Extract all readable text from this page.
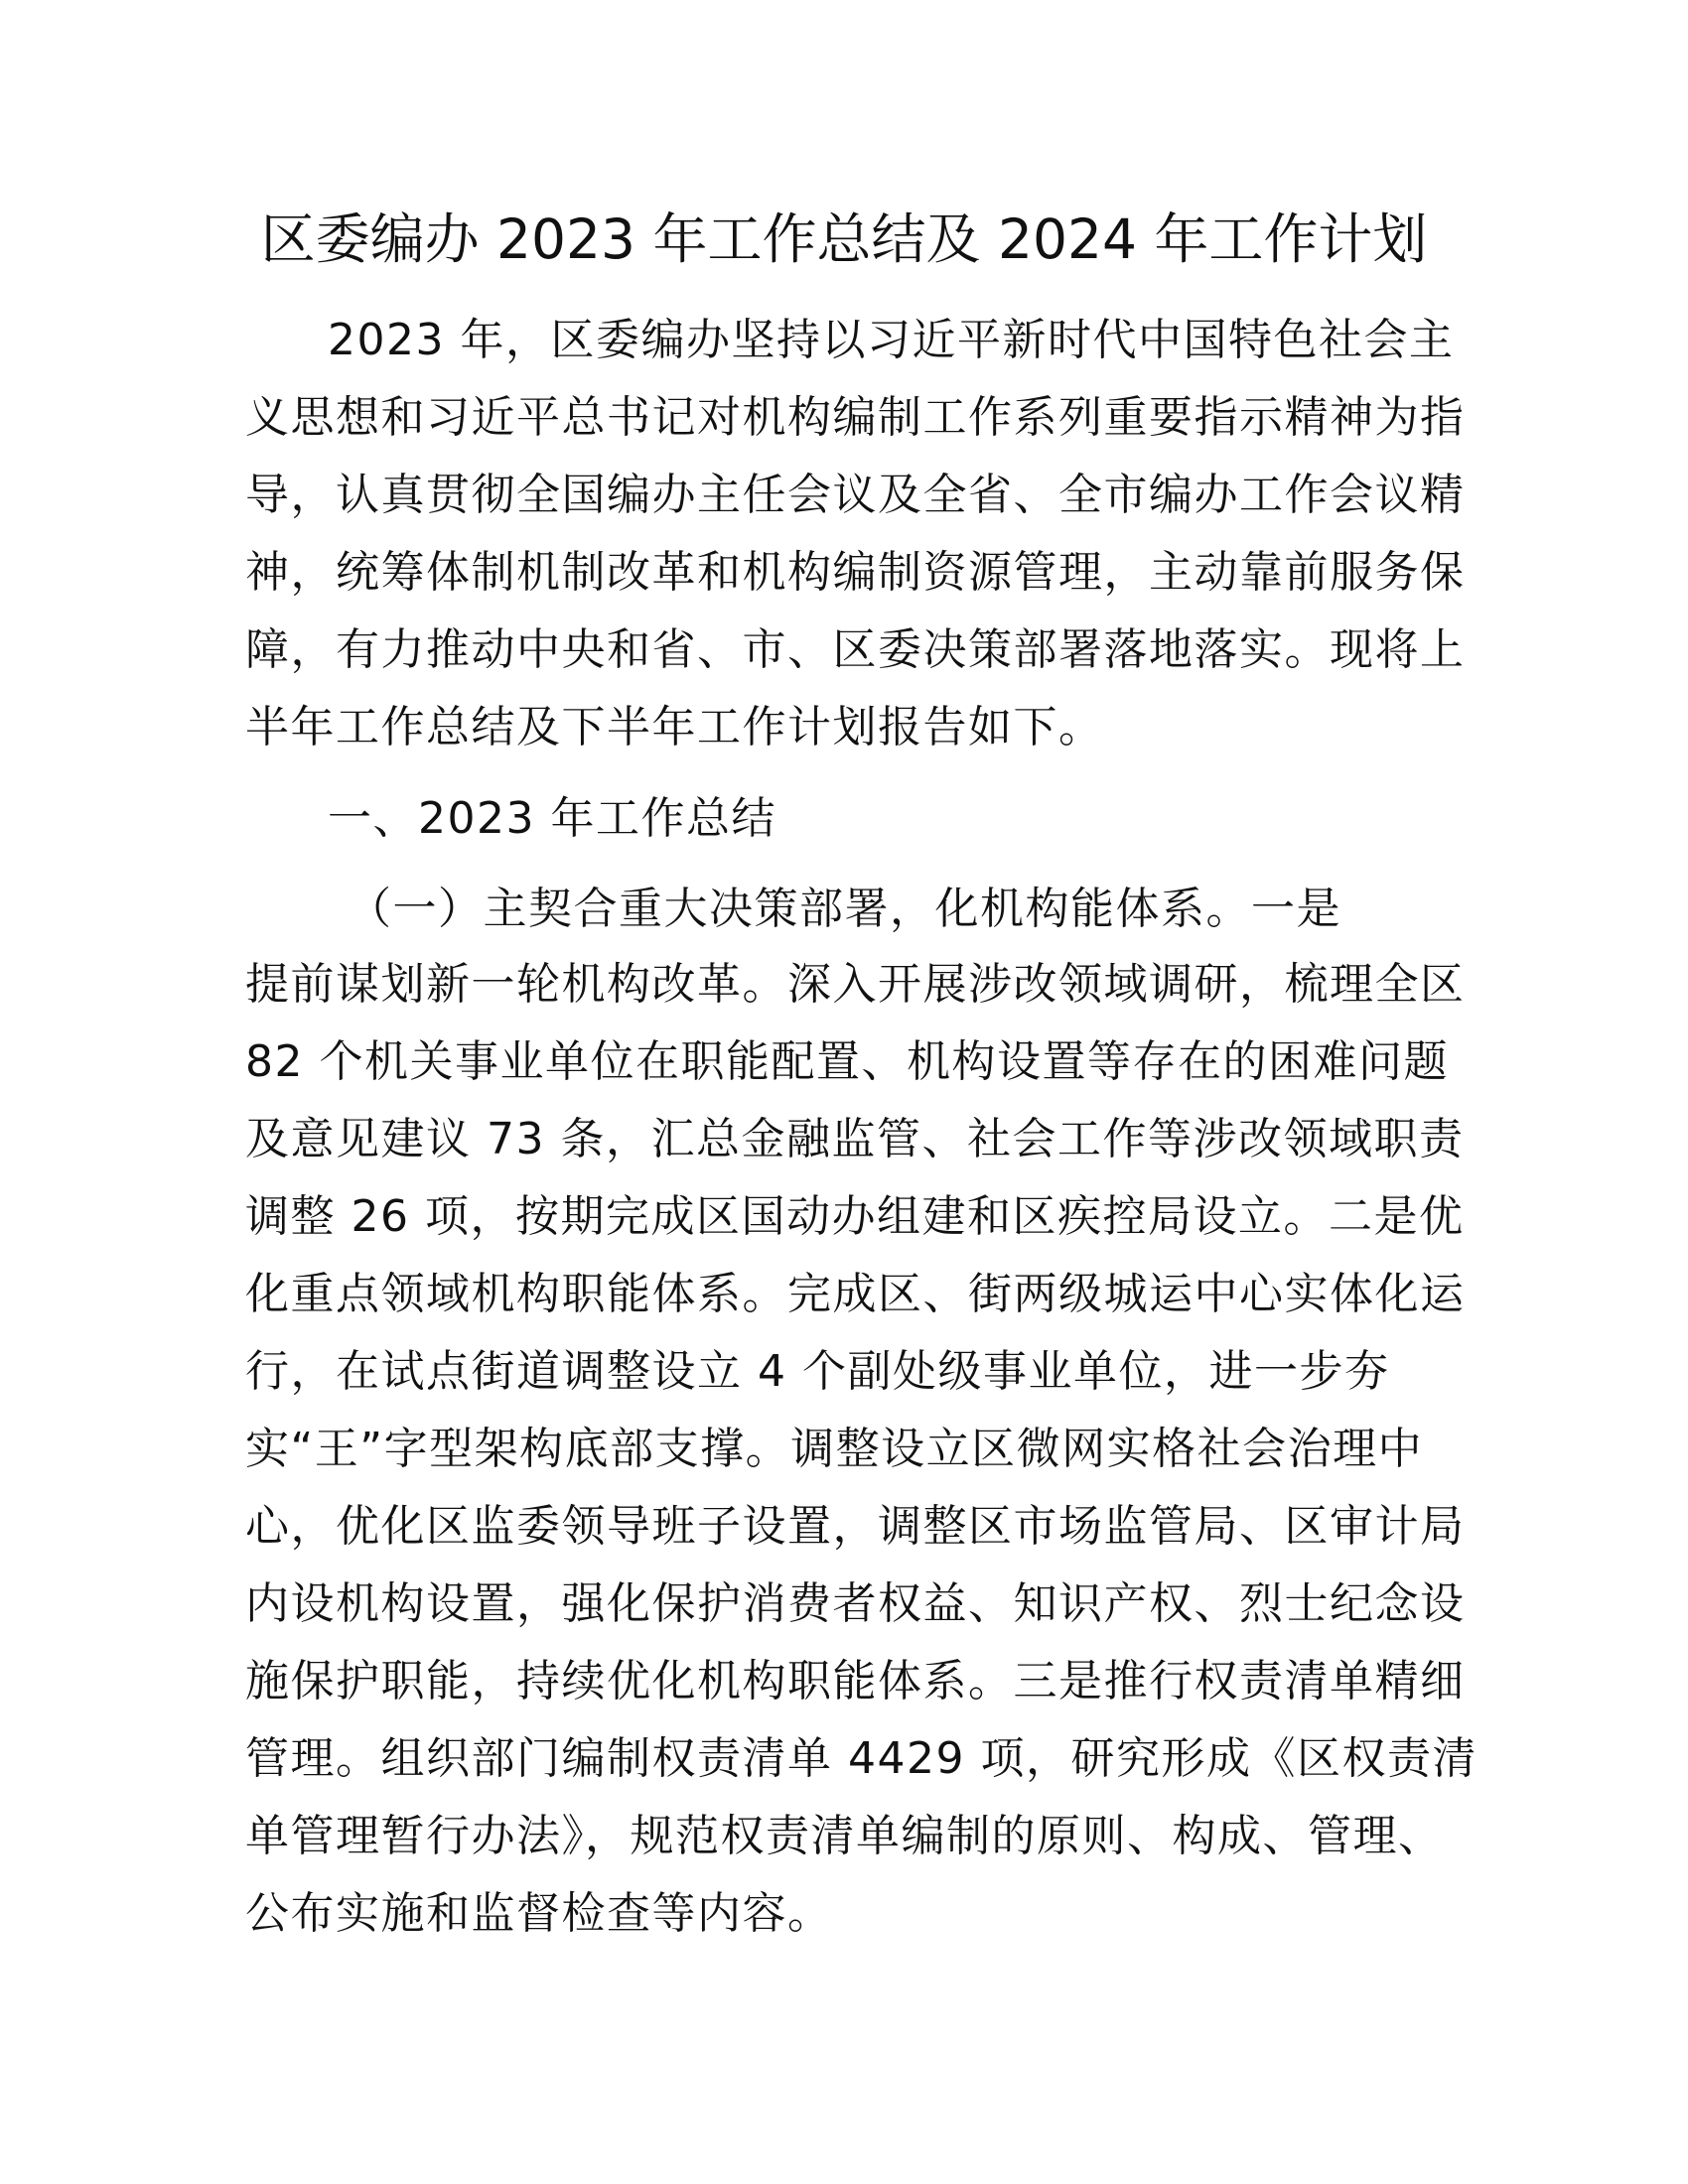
区委编办 2023 年工作总结及 2024 年工作计划

2023 年，区委编办坚持以习近平新时代中国特色社会主

义思想和习近平总书记对机构编制工作系列重要指示精神为指

导，认真贯彻全国编办主任会议及全省、全市编办工作会议精

神，统筹体制机制改革和机构编制资源管理，主动靠前服务保

障，有力推动中央和省、市、区委决策部署落地落实。现将上

半年工作总结及下半年工作计划报告如下。

一、2023 年工作总结

（一）主契合重大决策部署，化机构能体系。一是

提前谋划新一轮机构改革。深入开展涉改领域调研，梳理全区

82 个机关事业单位在职能配置、机构设置等存在的困难问题

及意见建议 73 条，汇总金融监管、社会工作等涉改领域职责

调整 26 项，按期完成区国动办组建和区疾控局设立。二是优

化重点领域机构职能体系。完成区、街两级城运中心实体化运

行，在试点街道调整设立 4 个副处级事业单位，进一步夯

实“王”字型架构底部支撑。调整设立区微网实格社会治理中

心，优化区监委领导班子设置，调整区市场监管局、区审计局

内设机构设置，强化保护消费者权益、知识产权、烈士纪念设

施保护职能，持续优化机构职能体系。三是推行权责清单精细

管理。组织部门编制权责清单 4429 项，研究形成《区权责清

单管理暂行办法》，规范权责清单编制的原则、构成、管理、

公布实施和监督检查等内容。
